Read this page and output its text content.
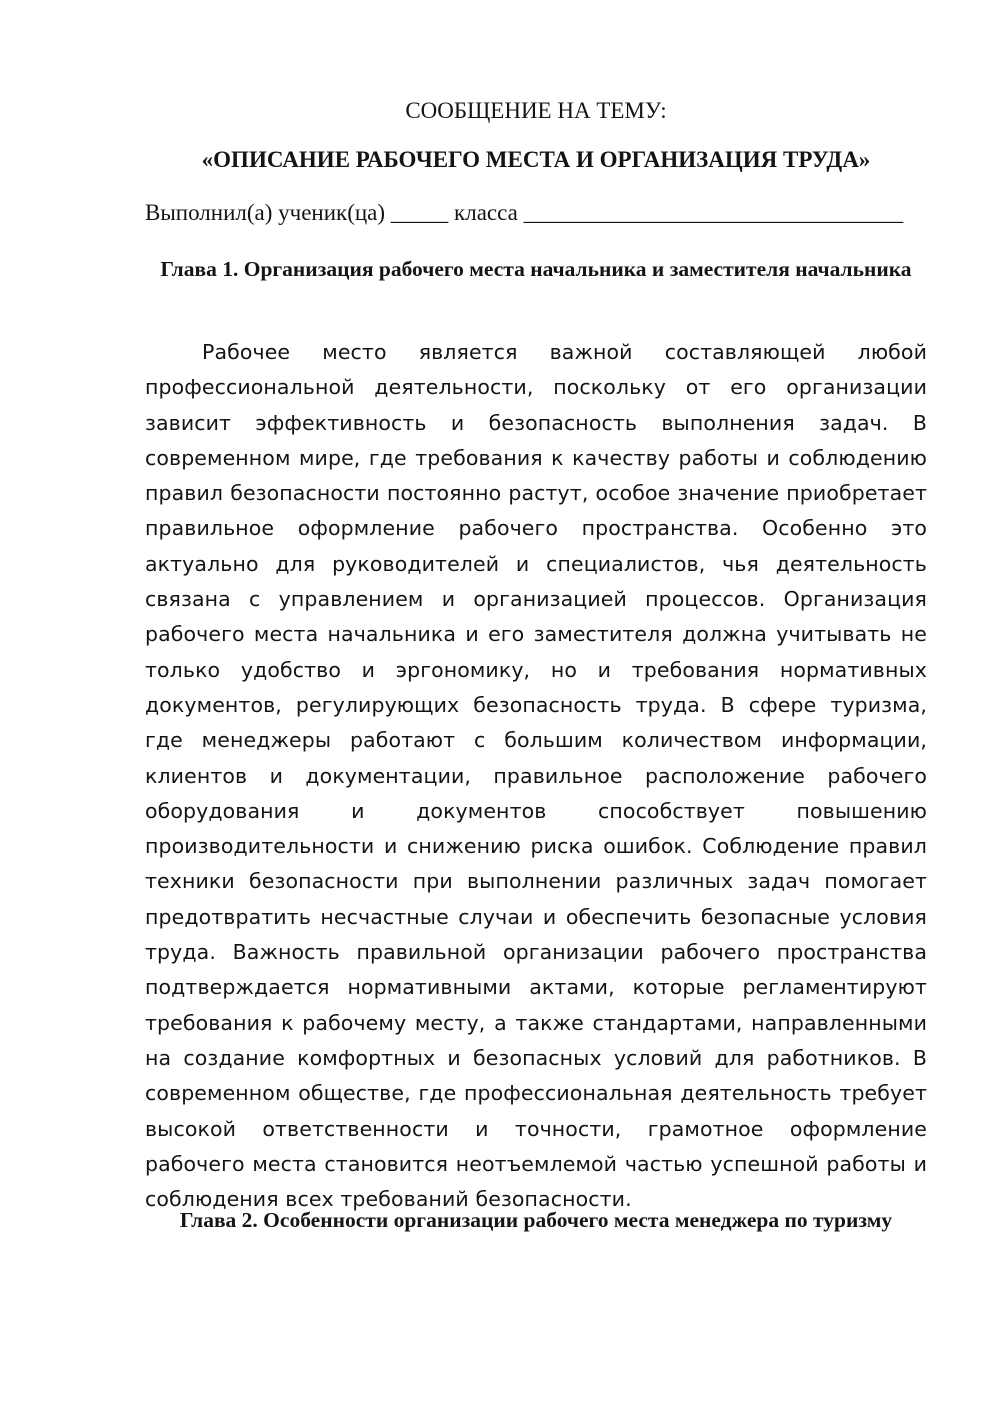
СООБЩЕНИЕ НА ТЕМУ:
«ОПИСАНИЕ РАБОЧЕГО МЕСТА И ОРГАНИЗАЦИЯ ТРУДА»
Выполнил(а) ученик(ца) _____ класса _________________________________
Глава 1. Организация рабочего места начальника и заместителя начальника

Рабочее место является важной составляющей любой профессиональной деятельности, поскольку от его организации зависит эффективность и безопасность выполнения задач. В современном мире, где требования к качеству работы и соблюдению правил безопасности постоянно растут, особое значение приобретает правильное оформление рабочего пространства. Особенно это актуально для руководителей и специалистов, чья деятельность связана с управлением и организацией процессов. Организация рабочего места начальника и его заместителя должна учитывать не только удобство и эргономику, но и требования нормативных документов, регулирующих безопасность труда. В сфере туризма, где менеджеры работают с большим количеством информации, клиентов и документации, правильное расположение рабочего оборудования и документов способствует повышению производительности и снижению риска ошибок. Соблюдение правил техники безопасности при выполнении различных задач помогает предотвратить несчастные случаи и обеспечить безопасные условия труда. Важность правильной организации рабочего пространства подтверждается нормативными актами, которые регламентируют требования к рабочему месту, а также стандартами, направленными на создание комфортных и безопасных условий для работников. В современном обществе, где профессиональная деятельность требует высокой ответственности и точности, грамотное оформление рабочего места становится неотъемлемой частью успешной работы и соблюдения всех требований безопасности.

Глава 2. Особенности организации рабочего места менеджера по туризму
